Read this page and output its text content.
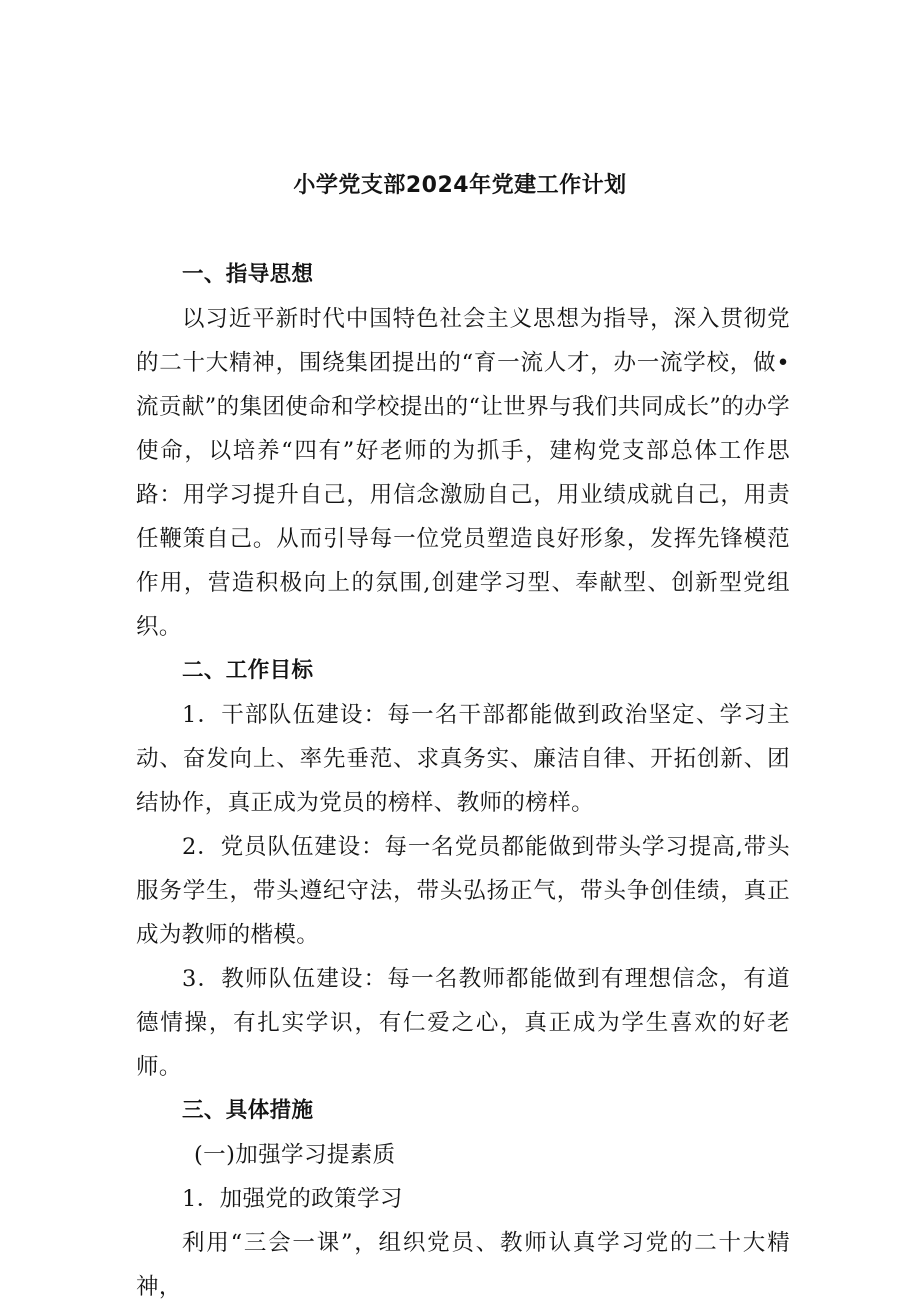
小学党支部2024年党建工作计划

一、指导思想

以习近平新时代中国特色社会主义思想为指导，深入贯彻党的二十大精神，围绕集团提出的“育一流人才，办一流学校，做•流贡献”的集团使命和学校提出的“让世界与我们共同成长”的办学使命，以培养“四有”好老师的为抓手，建构党支部总体工作思路：用学习提升自己，用信念激励自己，用业绩成就自己，用责任鞭策自己。从而引导每一位党员塑造良好形象，发挥先锋模范作用，营造积极向上的氛围,创建学习型、奉献型、创新型党组织。

二、工作目标

1．干部队伍建设：每一名干部都能做到政治坚定、学习主动、奋发向上、率先垂范、求真务实、廉洁自律、开拓创新、团结协作，真正成为党员的榜样、教师的榜样。

2．党员队伍建设：每一名党员都能做到带头学习提高,带头服务学生，带头遵纪守法，带头弘扬正气，带头争创佳绩，真正成为教师的楷模。

3．教师队伍建设：每一名教师都能做到有理想信念，有道德情操，有扎实学识，有仁爱之心，真正成为学生喜欢的好老师。

三、具体措施

(一)加强学习提素质

1．加强党的政策学习

利用“三会一课”，组织党员、教师认真学习党的二十大精神，
